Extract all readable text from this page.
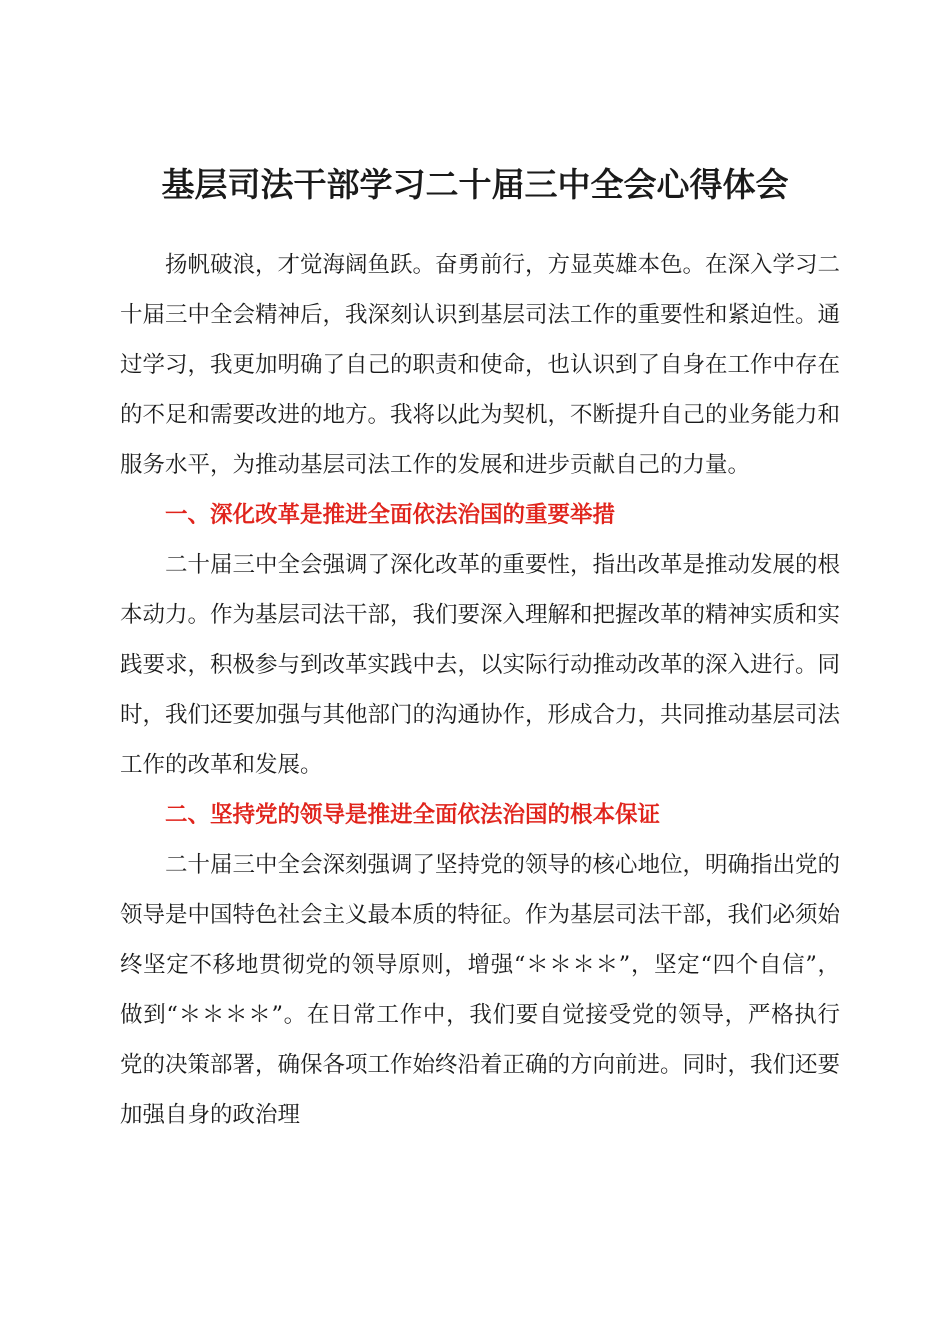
基层司法干部学习二十届三中全会心得体会

扬帆破浪，才觉海阔鱼跃。奋勇前行，方显英雄本色。在深入学习二十届三中全会精神后，我深刻认识到基层司法工作的重要性和紧迫性。通过学习，我更加明确了自己的职责和使命，也认识到了自身在工作中存在的不足和需要改进的地方。我将以此为契机，不断提升自己的业务能力和服务水平，为推动基层司法工作的发展和进步贡献自己的力量。

一、深化改革是推进全面依法治国的重要举措

二十届三中全会强调了深化改革的重要性，指出改革是推动发展的根本动力。作为基层司法干部，我们要深入理解和把握改革的精神实质和实践要求，积极参与到改革实践中去，以实际行动推动改革的深入进行。同时，我们还要加强与其他部门的沟通协作，形成合力，共同推动基层司法工作的改革和发展。

二、坚持党的领导是推进全面依法治国的根本保证

二十届三中全会深刻强调了坚持党的领导的核心地位，明确指出党的领导是中国特色社会主义最本质的特征。作为基层司法干部，我们必须始终坚定不移地贯彻党的领导原则，增强“＊＊＊＊”，坚定“四个自信”，做到“＊＊＊＊”。在日常工作中，我们要自觉接受党的领导，严格执行党的决策部署，确保各项工作始终沿着正确的方向前进。同时，我们还要加强自身的政治理
